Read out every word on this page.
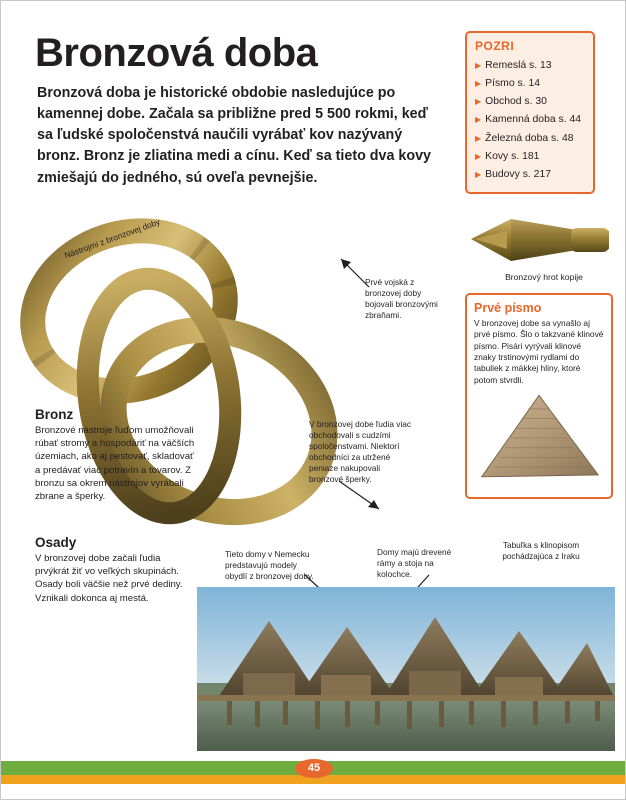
Bronzová doba
Bronzová doba je historické obdobie nasledujúce po kamennej dobe. Začala sa približne pred 5 500 rokmi, keď sa ľudské spoločenstvá naučili vyrábať kov nazývaný bronz. Bronz je zliatina medi a cínu. Keď sa tieto dva kovy zmiešajú do jedného, sú oveľa pevnejšie.
POZRI
▶ Remeslá s. 13
▶ Písmo s. 14
▶ Obchod s. 30
▶ Kamenná doba s. 44
▶ Železná doba s. 48
▶ Kovy s. 181
▶ Budovy s. 217
Nástrojmi z bronzovej doby
Bronzový hrot kopije
Prvé vojská z bronzovej doby bojovali bronzovými zbraňami.	Prvé písmo
V bronzovej dobe sa vynašlo aj prvé písmo. Šlo o takzvané klinové písmo. Pisári vyrývali klinové znaky trstinovými rydlami do tabuliek z mäkkej hliny, ktoré potom stvrdli.
Tabuľka s klinopisom pochádzajúca z Iraku
Bronz
Bronzové nástroje ľuďom umožňovali rúbať stromy a hospodáriť na väčších územiach, ako aj pestovať, skladovať a predávať viac potravín a tovarov. Z bronzu sa okrem nástrojov vyrábali zbrane a šperky.
V bronzovej dobe ľudia viac obchodovali s cudzími spoločenstvami. Niektorí obchodníci za utržené peniaze nakupovali bronzové šperky.
Osady
V bronzovej dobe začali ľudia prvýkrát žiť vo veľkých skupinách. Osady boli väčšie než prvé dediny. Vznikali dokonca aj mestá.
Tieto domy v Nemecku predstavujú modely obydlí z bronzovej doby.
Domy majú drevené rámy a stoja na kolochce.
45
